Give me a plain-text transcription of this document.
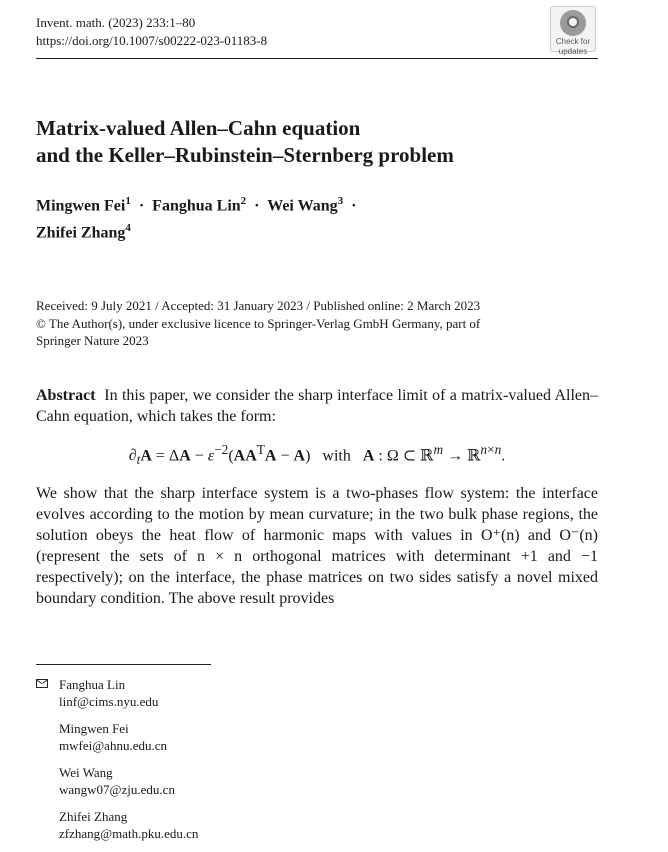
Invent. math. (2023) 233:1–80
https://doi.org/10.1007/s00222-023-01183-8	Check for
updates
Matrix-valued Allen–Cahn equation
and the Keller–Rubinstein–Sternberg problem
Mingwen Fei$^1$  ·  Fanghua Lin$^2$  ·  Wei Wang$^3$  ·
Zhifei Zhang$^4$
Received: 9 July 2021 / Accepted: 31 January 2023 / Published online: 2 March 2023
© The Author(s), under exclusive licence to Springer-Verlag GmbH Germany, part of
Springer Nature 2023
Abstract In this paper, we consider the sharp interface limit of a matrix-valued Allen–Cahn equation, which takes the form:
$\partial_tA = \Delta A - \varepsilon^{-2}(AA^TA - A)$   with   A : Ω ⊂ ℝ$^m$ → ℝ$^{n\times n}$.
We show that the sharp interface system is a two-phases flow system: the interface evolves according to the motion by mean curvature; in the two bulk phase regions, the solution obeys the heat flow of harmonic maps with values in O⁺(n) and O⁻(n) (represent the sets of n × n orthogonal matrices with determinant +1 and −1 respectively); on the interface, the phase matrices on two sides satisfy a novel mixed boundary condition. The above result provides
Fanghua Lin
linf@cims.nyu.edu
Mingwen Fei
mwfei@ahnu.edu.cn
Wei Wang
wangw07@zju.edu.cn
Zhifei Zhang
zfzhang@math.pku.edu.cn
